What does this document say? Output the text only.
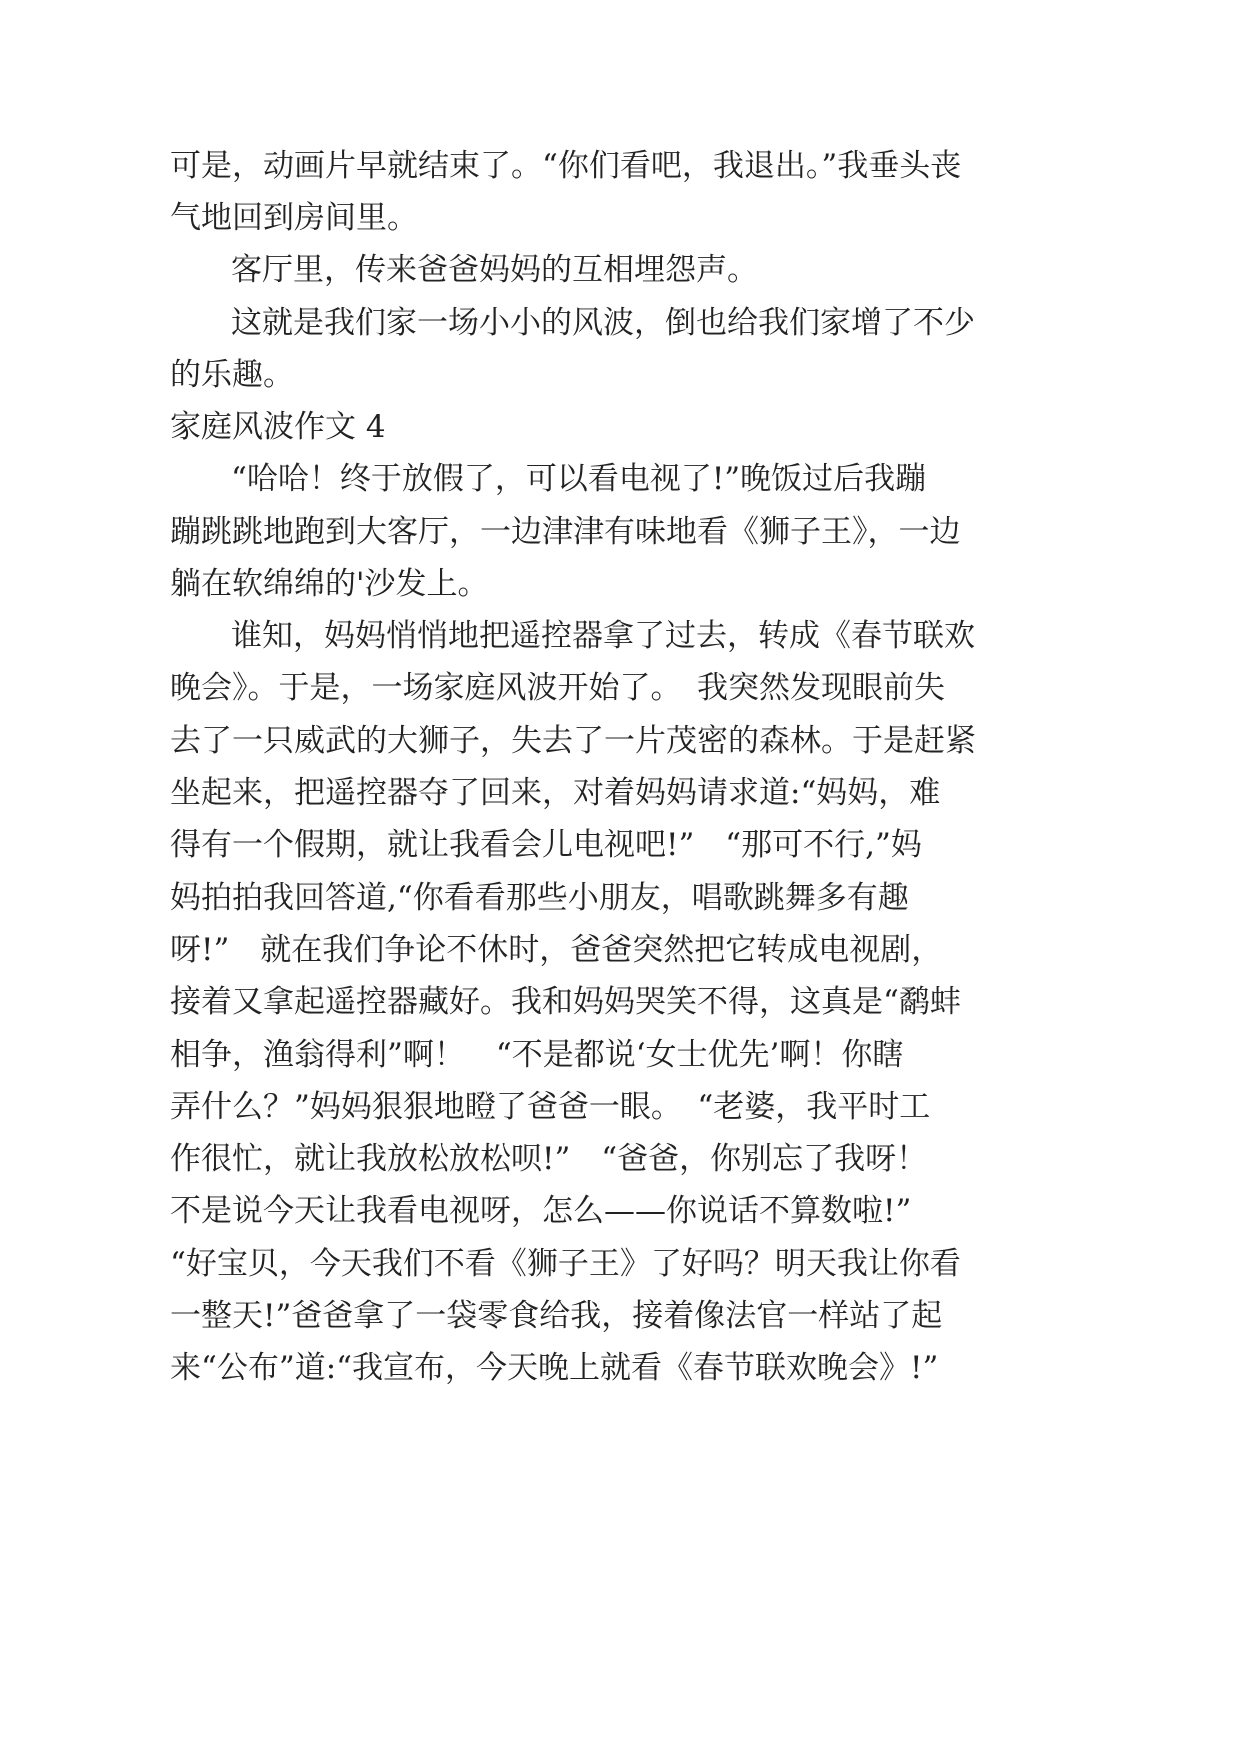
可是，动画片早就结束了。“你们看吧，我退出。”我垂头丧
气地回到房间里。
客厅里，传来爸爸妈妈的互相埋怨声。
这就是我们家一场小小的风波，倒也给我们家增了不少
的乐趣。
家庭风波作文 4
“哈哈！终于放假了，可以看电视了!”晚饭过后我蹦
蹦跳跳地跑到大客厅，一边津津有味地看《狮子王》，一边
躺在软绵绵的'沙发上。
谁知，妈妈悄悄地把遥控器拿了过去，转成《春节联欢
晚会》。于是，一场家庭风波开始了。　我突然发现眼前失
去了一只威武的大狮子，失去了一片茂密的森林。于是赶紧
坐起来，把遥控器夺了回来，对着妈妈请求道:“妈妈，难
得有一个假期，就让我看会儿电视吧!”　“那可不行,”妈
妈拍拍我回答道,“你看看那些小朋友，唱歌跳舞多有趣
呀!”　就在我们争论不休时，爸爸突然把它转成电视剧，
接着又拿起遥控器藏好。我和妈妈哭笑不得，这真是“鹬蚌
相争，渔翁得利”啊！　“不是都说‘女士优先’啊！你瞎
弄什么？”妈妈狠狠地瞪了爸爸一眼。　“老婆，我平时工
作很忙，就让我放松放松呗!”　“爸爸，你别忘了我呀！
不是说今天让我看电视呀，怎么——你说话不算数啦!”
“好宝贝，今天我们不看《狮子王》了好吗？明天我让你看
一整天!”爸爸拿了一袋零食给我，接着像法官一样站了起
来“公布”道:“我宣布，今天晚上就看《春节联欢晚会》!”
